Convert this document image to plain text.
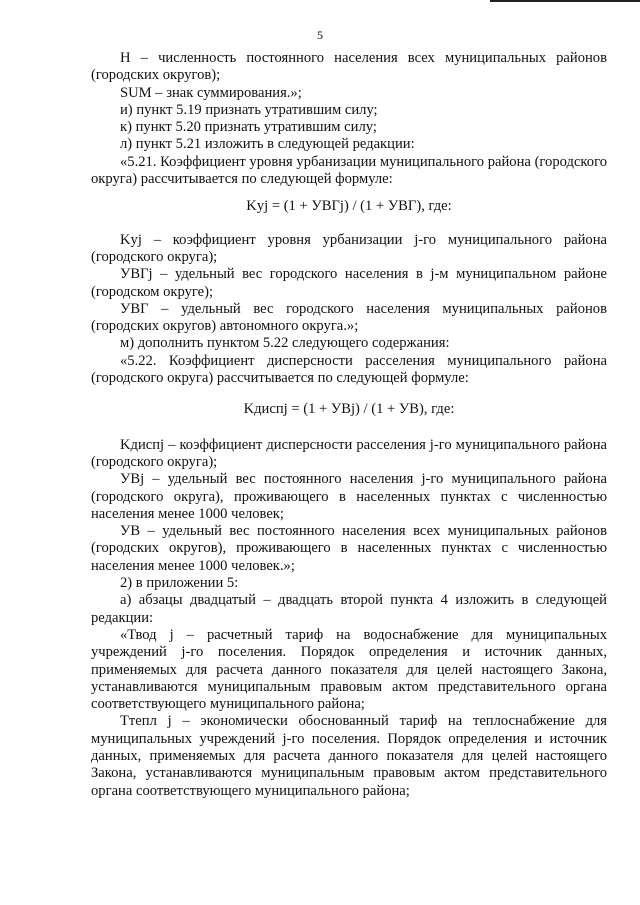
5

Н – численность постоянного населения всех муниципальных районов (городских округов);

SUM – знак суммирования.»;

и) пункт 5.19 признать утратившим силу;

к) пункт 5.20 признать утратившим силу;

л) пункт 5.21 изложить в следующей редакции:

«5.21. Коэффициент уровня урбанизации муниципального района (городского округа) рассчитывается по следующей формуле:

Kуj = (1 + УВГj) / (1 + УВГ), где:

Kуj – коэффициент уровня урбанизации j-го муниципального района (городского округа);

УВГj – удельный вес городского населения в j-м муниципальном районе (городском округе);

УВГ – удельный вес городского населения муниципальных районов (городских округов) автономного округа.»;

м) дополнить пунктом 5.22 следующего содержания:

«5.22. Коэффициент дисперсности расселения муниципального района (городского округа) рассчитывается по следующей формуле:

Kдиспj = (1 + УВj) / (1 + УВ), где:

Kдиспj – коэффициент дисперсности расселения j-го муниципального района (городского округа);

УВj – удельный вес постоянного населения j-го муниципального района (городского округа), проживающего в населенных пунктах с численностью населения менее 1000 человек;

УВ – удельный вес постоянного населения всех муниципальных районов (городских округов), проживающего в населенных пунктах с численностью населения менее 1000 человек.»;

2) в приложении 5:

а) абзацы двадцатый – двадцать второй пункта 4 изложить в следующей редакции:

«Твод j – расчетный тариф на водоснабжение для муниципальных учреждений j-го поселения. Порядок определения и источник данных, применяемых для расчета данного показателя для целей настоящего Закона, устанавливаются муниципальным правовым актом представительного органа соответствующего муниципального района;

Ттепл j – экономически обоснованный тариф на теплоснабжение для муниципальных учреждений j-го поселения. Порядок определения и источник данных, применяемых для расчета данного показателя для целей настоящего Закона, устанавливаются муниципальным правовым актом представительного органа соответствующего муниципального района;
